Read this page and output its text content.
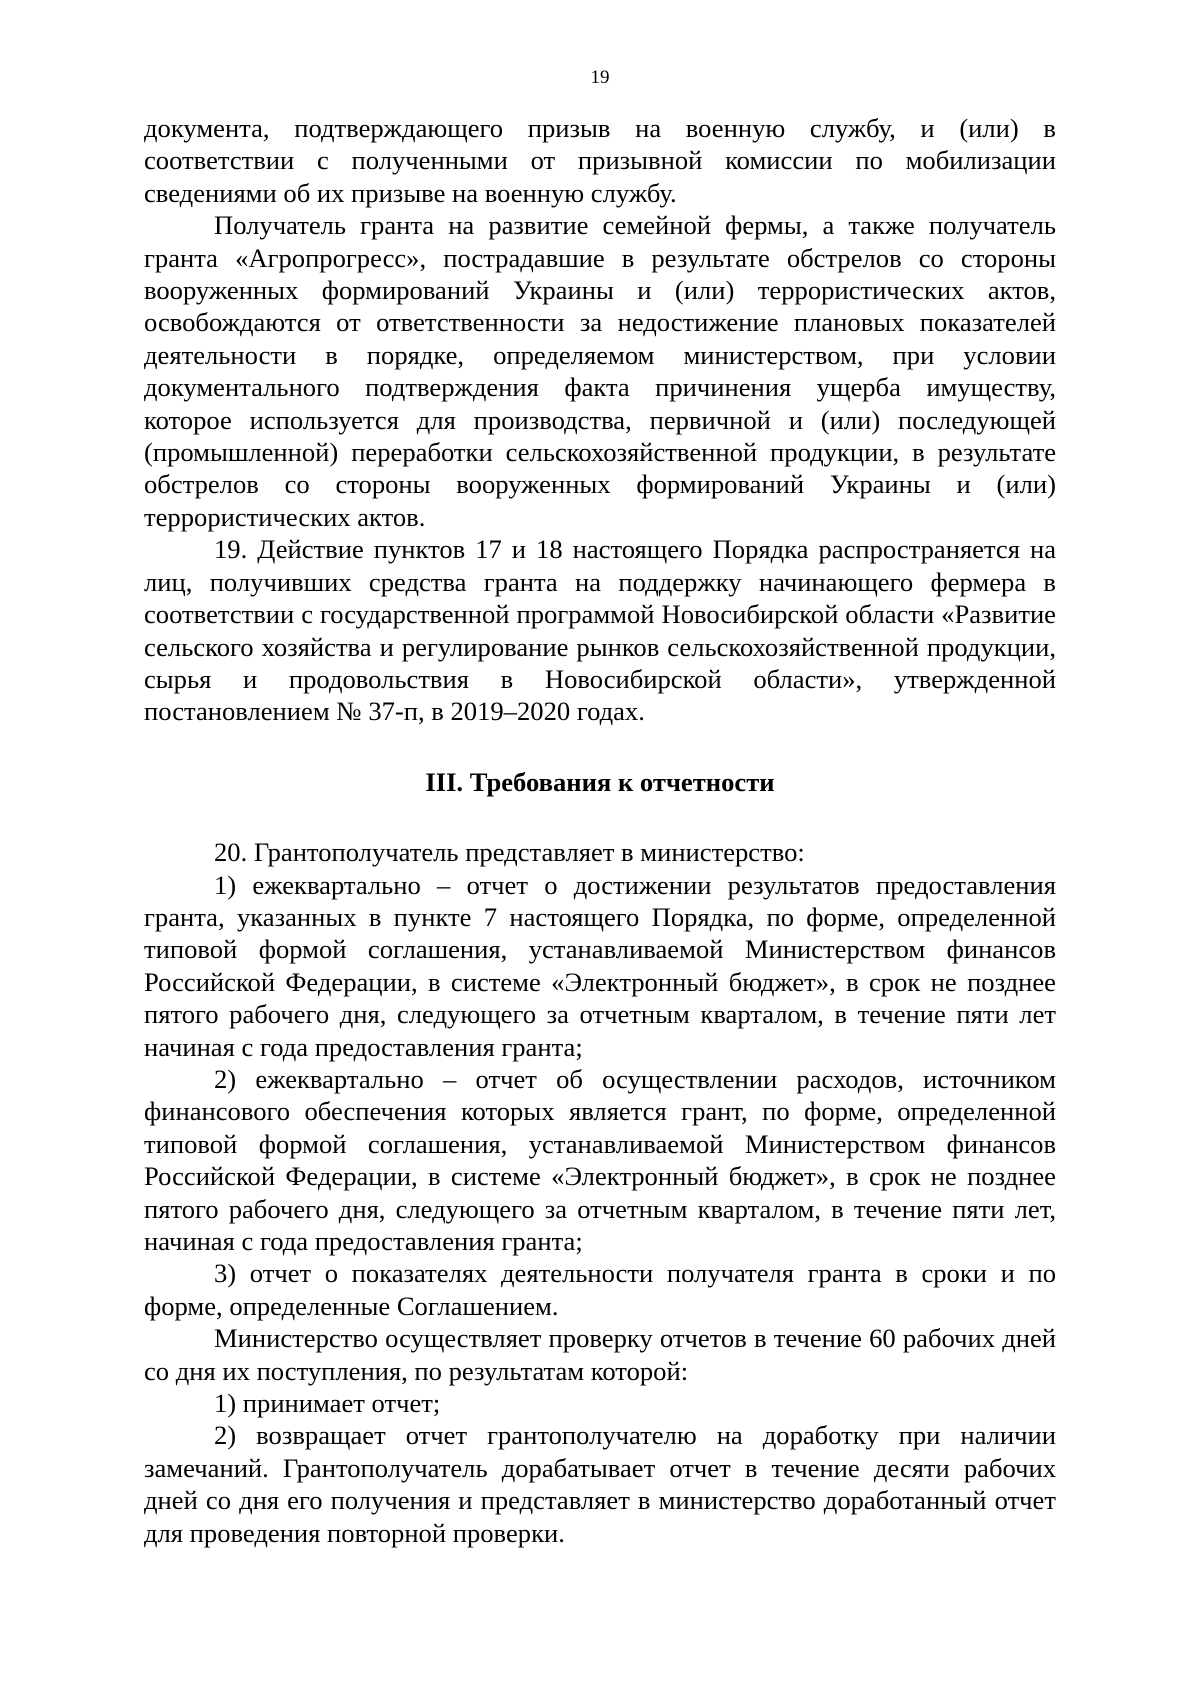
19

документа, подтверждающего призыв на военную службу, и (или) в соответствии с полученными от призывной комиссии по мобилизации сведениями об их призыве на военную службу.

Получатель гранта на развитие семейной фермы, а также получатель гранта «Агропрогресс», пострадавшие в результате обстрелов со стороны вооруженных формирований Украины и (или) террористических актов, освобождаются от ответственности за недостижение плановых показателей деятельности в порядке, определяемом министерством, при условии документального подтверждения факта причинения ущерба имуществу, которое используется для производства, первичной и (или) последующей (промышленной) переработки сельскохозяйственной продукции, в результате обстрелов со стороны вооруженных формирований Украины и (или) террористических актов.

19. Действие пунктов 17 и 18 настоящего Порядка распространяется на лиц, получивших средства гранта на поддержку начинающего фермера в соответствии с государственной программой Новосибирской области «Развитие сельского хозяйства и регулирование рынков сельскохозяйственной продукции, сырья и продовольствия в Новосибирской области», утвержденной постановлением № 37-п, в 2019–2020 годах.

III. Требования к отчетности

20. Грантополучатель представляет в министерство:

1) ежеквартально – отчет о достижении результатов предоставления гранта, указанных в пункте 7 настоящего Порядка, по форме, определенной типовой формой соглашения, устанавливаемой Министерством финансов Российской Федерации, в системе «Электронный бюджет», в срок не позднее пятого рабочего дня, следующего за отчетным кварталом, в течение пяти лет начиная с года предоставления гранта;

2) ежеквартально – отчет об осуществлении расходов, источником финансового обеспечения которых является грант, по форме, определенной типовой формой соглашения, устанавливаемой Министерством финансов Российской Федерации, в системе «Электронный бюджет», в срок не позднее пятого рабочего дня, следующего за отчетным кварталом, в течение пяти лет, начиная с года предоставления гранта;

3) отчет о показателях деятельности получателя гранта в сроки и по форме, определенные Соглашением.

Министерство осуществляет проверку отчетов в течение 60 рабочих дней со дня их поступления, по результатам которой:

1) принимает отчет;

2) возвращает отчет грантополучателю на доработку при наличии замечаний. Грантополучатель дорабатывает отчет в течение десяти рабочих дней со дня его получения и представляет в министерство доработанный отчет для проведения повторной проверки.
